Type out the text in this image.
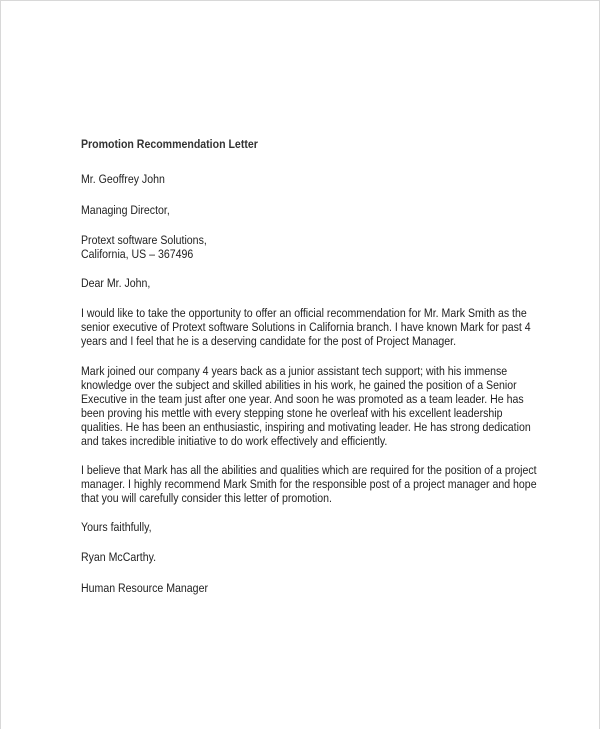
Promotion Recommendation Letter
Mr. Geoffrey John
Managing Director,
Protext software Solutions,
California, US – 367496
Dear Mr. John,
I would like to take the opportunity to offer an official recommendation for Mr. Mark Smith as the
senior executive of Protext software Solutions in California branch. I have known Mark for past 4
years and I feel that he is a deserving candidate for the post of Project Manager.
Mark joined our company 4 years back as a junior assistant tech support; with his immense
knowledge over the subject and skilled abilities in his work, he gained the position of a Senior
Executive in the team just after one year. And soon he was promoted as a team leader. He has
been proving his mettle with every stepping stone he overleaf with his excellent leadership
qualities. He has been an enthusiastic, inspiring and motivating leader. He has strong dedication
and takes incredible initiative to do work effectively and efficiently.
I believe that Mark has all the abilities and qualities which are required for the position of a project
manager. I highly recommend Mark Smith for the responsible post of a project manager and hope
that you will carefully consider this letter of promotion.
Yours faithfully,
Ryan McCarthy.
Human Resource Manager
